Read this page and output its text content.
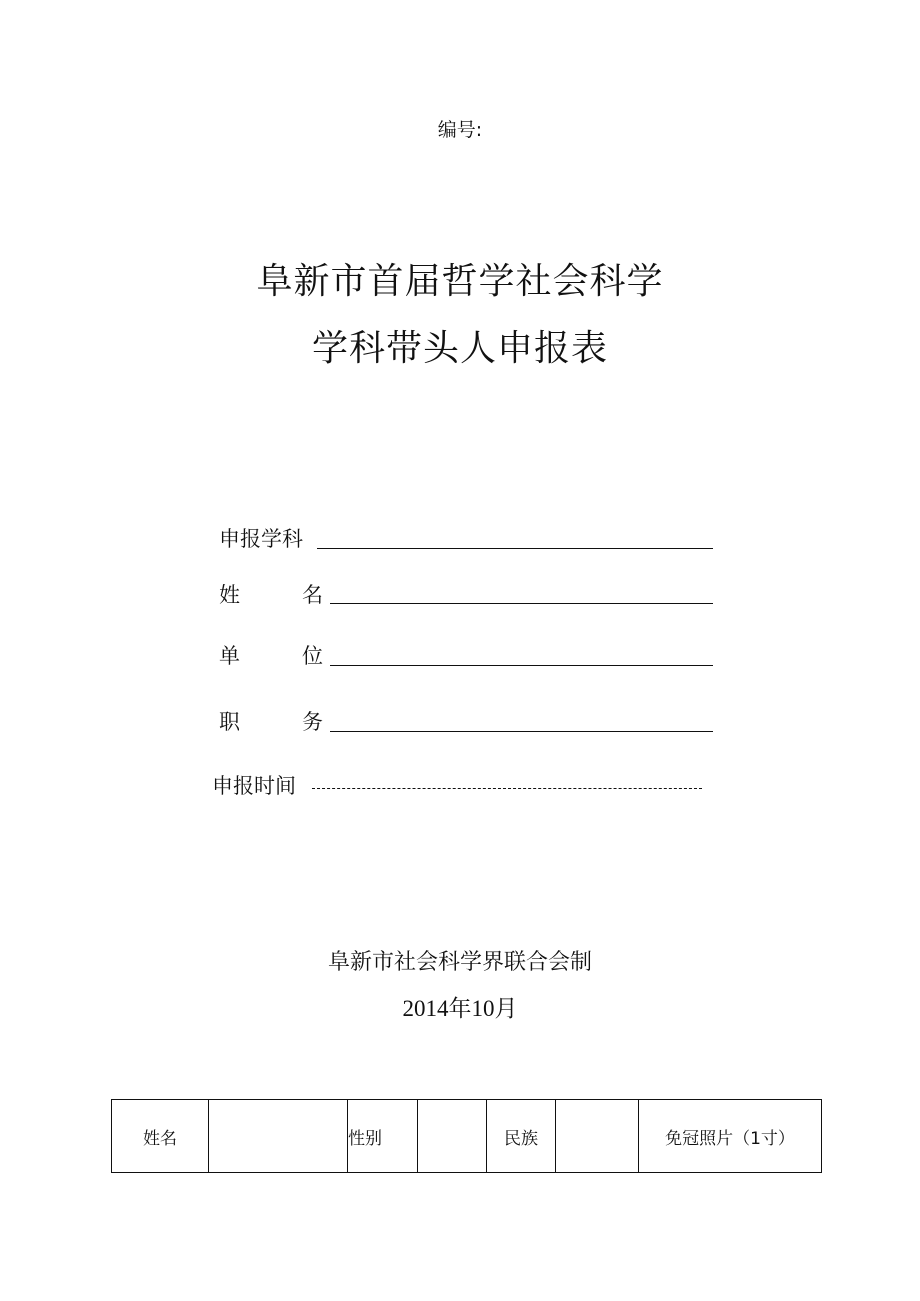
编号:
阜新市首届哲学社会科学
学科带头人申报表
申报学科
姓	名
单	位
职	务
申报时间
阜新市社会科学界联合会制
2014年10月
姓名		性别		民族		免冠照片（1寸）
